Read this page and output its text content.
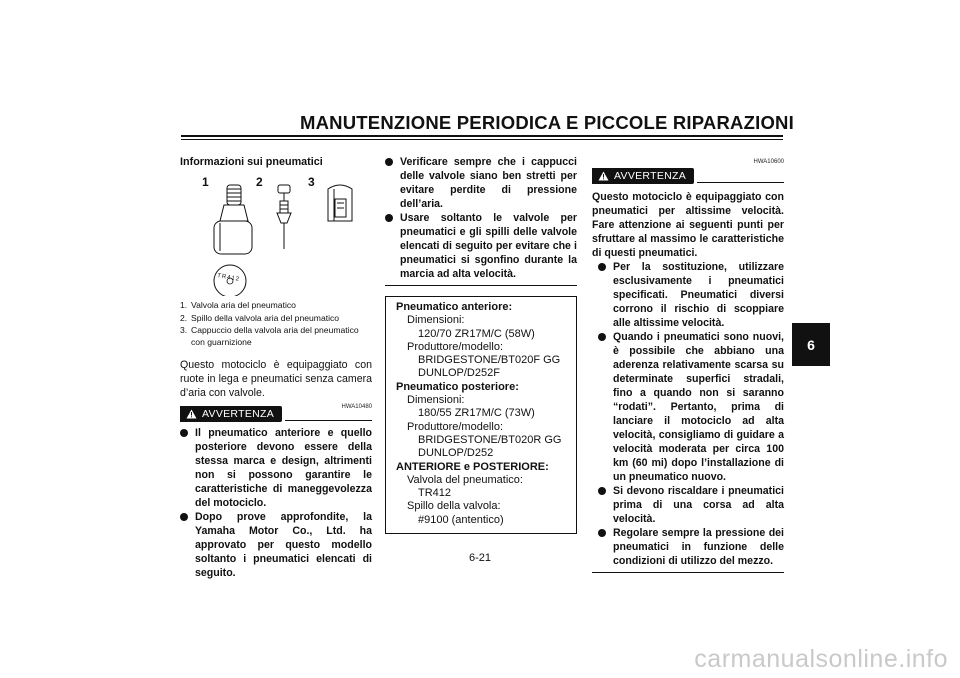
MANUTENZIONE PERIODICA E PICCOLE RIPARAZIONI
Informazioni sui pneumatici
1	2	3
TR412
1. Valvola aria del pneumatico
2. Spillo della valvola aria del pneumatico
3. Cappuccio della valvola aria del pneumatico con guarnizione
Questo motociclo è equipaggiato con ruote in lega e pneumatici senza camera d’aria con valvole.
AVVERTENZA
HWA10480
Il pneumatico anteriore e quello posteriore devono essere della stessa marca e design, altrimenti non si possono garantire le caratteristiche di maneggevolezza del motociclo.
Dopo prove approfondite, la Yamaha Motor Co., Ltd. ha approvato per questo modello soltanto i pneumatici elencati di seguito.
Verificare sempre che i cappucci delle valvole siano ben stretti per evitare perdite di pressione dell’aria.
Usare soltanto le valvole per pneumatici e gli spilli delle valvole elencati di seguito per evitare che i pneumatici si sgonfino durante la marcia ad alta velocità.
Pneumatico anteriore:
Dimensioni:
120/70 ZR17M/C (58W)
Produttore/modello:
BRIDGESTONE/BT020F GG
DUNLOP/D252F
Pneumatico posteriore:
Dimensioni:
180/55 ZR17M/C (73W)
Produttore/modello:
BRIDGESTONE/BT020R GG
DUNLOP/D252
ANTERIORE e POSTERIORE:
Valvola del pneumatico:
TR412
Spillo della valvola:
#9100 (antentico)
HWA10600
AVVERTENZA
Questo motociclo è equipaggiato con pneumatici per altissime velocità. Fare attenzione ai seguenti punti per sfruttare al massimo le caratteristiche di questi pneumatici.
Per la sostituzione, utilizzare esclusivamente i pneumatici specificati. Pneumatici diversi corrono il rischio di scoppiare alle altissime velocità.
Quando i pneumatici sono nuovi, è possibile che abbiano una aderenza relativamente scarsa su determinate superfici stradali, fino a quando non si saranno “rodati”. Pertanto, prima di lanciare il motociclo ad alta velocità, consigliamo di guidare a velocità moderata per circa 100 km (60 mi) dopo l’installazione di un pneumatico nuovo.
Si devono riscaldare i pneumatici prima di una corsa ad alta velocità.
Regolare sempre la pressione dei pneumatici in funzione delle condizioni di utilizzo del mezzo.
6
6-21
carmanualsonline.info
